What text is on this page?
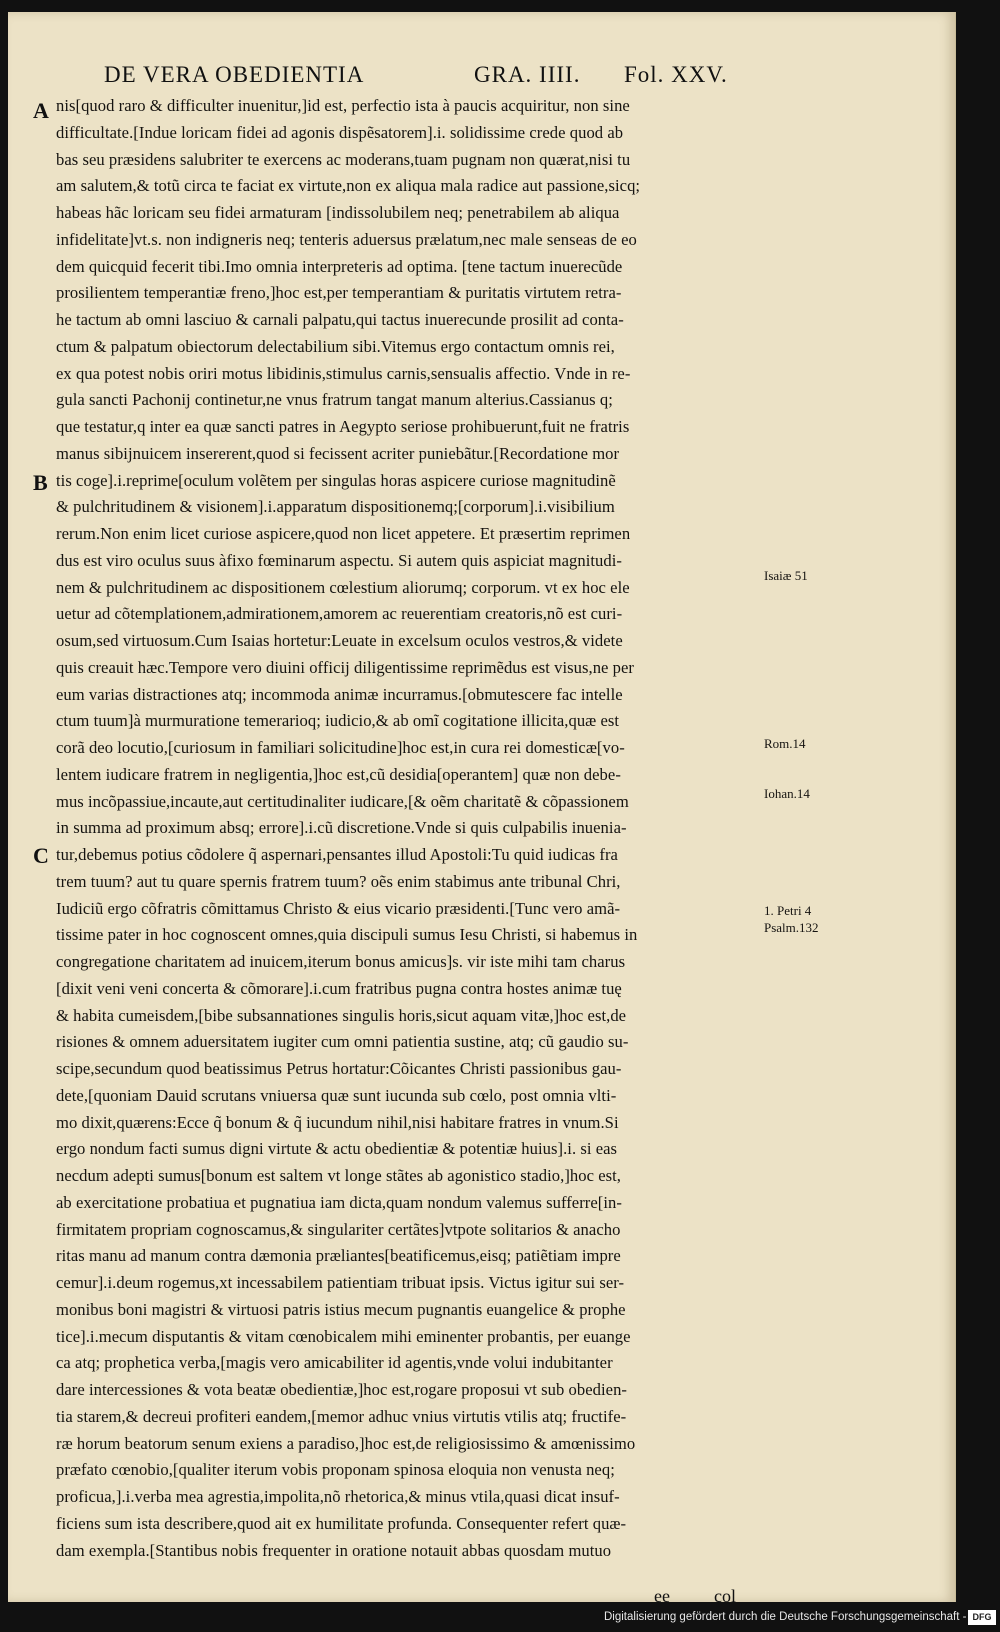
DE VERA OBEDIENTIA	GRA. IIII. Fol. XXV.
A
B
C
nis[quod raro & difficulter inuenitur,]id est, perfectio ista à paucis acquiritur, non sine
difficultate.[Indue loricam fidei ad agonis dispẽsatorem].i. solidissime crede quod ab
bas seu præsidens salubriter te exercens ac moderans,tuam pugnam non quærat,nisi tu
am salutem,& totũ circa te faciat ex virtute,non ex aliqua mala radice aut passione,sicq;
habeas hãc loricam seu fidei armaturam [indissolubilem neq; penetrabilem ab aliqua
infidelitate]vt.s. non indigneris neq; tenteris aduersus prælatum,nec male senseas de eo
dem quicquid fecerit tibi.Imo omnia interpreteris ad optima. [tene tactum inuerecũde
prosilientem temperantiæ freno,]hoc est,per temperantiam & puritatis virtutem retra-
he tactum ab omni lasciuo & carnali palpatu,qui tactus inuerecunde prosilit ad conta-
ctum & palpatum obiectorum delectabilium sibi.Vitemus ergo contactum omnis rei,
ex qua potest nobis oriri motus libidinis,stimulus carnis,sensualis affectio. Vnde in re-
gula sancti Pachonij continetur,ne vnus fratrum tangat manum alterius.Cassianus q;
que testatur,q inter ea quæ sancti patres in Aegypto seriose prohibuerunt,fuit ne fratris
manus sibijnuicem insererent,quod si fecissent acriter puniebãtur.[Recordatione mor
tis coge].i.reprime[oculum volẽtem per singulas horas aspicere curiose magnitudinẽ
& pulchritudinem & visionem].i.apparatum dispositionemq;[corporum].i.visibilium
rerum.Non enim licet curiose aspicere,quod non licet appetere. Et præsertim reprimen
dus est viro oculus suus àfixo fœminarum aspectu. Si autem quis aspiciat magnitudi-
nem & pulchritudinem ac dispositionem cœlestium aliorumq; corporum. vt ex hoc ele
uetur ad cõtemplationem,admirationem,amorem ac reuerentiam creatoris,nõ est curi-
osum,sed virtuosum.Cum Isaias hortetur:Leuate in excelsum oculos vestros,& videte
quis creauit hæc.Tempore vero diuini officij diligentissime reprimẽdus est visus,ne per
eum varias distractiones atq; incommoda animæ incurramus.[obmutescere fac intelle
ctum tuum]à murmuratione temerarioq; iudicio,& ab omĩ cogitatione illicita,quæ est
corã deo locutio,[curiosum in familiari solicitudine]hoc est,in cura rei domesticæ[vo-
lentem iudicare fratrem in negligentia,]hoc est,cũ desidia[operantem] quæ non debe-
mus incõpassiue,incaute,aut certitudinaliter iudicare,[& oẽm charitatẽ & cõpassionem
in summa ad proximum absq; errore].i.cũ discretione.Vnde si quis culpabilis inuenia-
tur,debemus potius cõdolere q̃ aspernari,pensantes illud Apostoli:Tu quid iudicas fra
trem tuum? aut tu quare spernis fratrem tuum? oẽs enim stabimus ante tribunal Chri,
Iudiciũ ergo cõfratris cõmittamus Christo & eius vicario præsidenti.[Tunc vero amã-
tissime pater in hoc cognoscent omnes,quia discipuli sumus Iesu Christi, si habemus in
congregatione charitatem ad inuicem,iterum bonus amicus]s. vir iste mihi tam charus
[dixit veni veni concerta & cõmorare].i.cum fratribus pugna contra hostes animæ tuę
& habita cumeisdem,[bibe subsannationes singulis horis,sicut aquam vitæ,]hoc est,de
risiones & omnem aduersitatem iugiter cum omni patientia sustine, atq; cũ gaudio su-
scipe,secundum quod beatissimus Petrus hortatur:Cõicantes Christi passionibus gau-
dete,[quoniam Dauid scrutans vniuersa quæ sunt iucunda sub cœlo, post omnia vlti-
mo dixit,quærens:Ecce q̃ bonum & q̃ iucundum nihil,nisi habitare fratres in vnum.Si
ergo nondum facti sumus digni virtute & actu obedientiæ & potentiæ huius].i. si eas
necdum adepti sumus[bonum est saltem vt longe stãtes ab agonistico stadio,]hoc est,
ab exercitatione probatiua et pugnatiua iam dicta,quam nondum valemus sufferre[in-
firmitatem propriam cognoscamus,& singulariter certãtes]vtpote solitarios & anacho
ritas manu ad manum contra dæmonia præliantes[beatificemus,eisq; patiẽtiam impre
cemur].i.deum rogemus,xt incessabilem patientiam tribuat ipsis. Victus igitur sui ser-
monibus boni magistri & virtuosi patris istius mecum pugnantis euangelice & prophe
tice].i.mecum disputantis & vitam cœnobicalem mihi eminenter probantis, per euange
ca atq; prophetica verba,[magis vero amicabiliter id agentis,vnde volui indubitanter
dare intercessiones & vota beatæ obedientiæ,]hoc est,rogare proposui vt sub obedien-
tia starem,& decreui profiteri eandem,[memor adhuc vnius virtutis vtilis atq; fructife-
ræ horum beatorum senum exiens a paradiso,]hoc est,de religiosissimo & amœnissimo
præfato cœnobio,[qualiter iterum vobis proponam spinosa eloquia non venusta neq;
proficua,].i.verba mea agrestia,impolita,nõ rhetorica,& minus vtila,quasi dicat insuf-
ficiens sum ista describere,quod ait ex humilitate profunda. Consequenter refert quæ-
dam exempla.[Stantibus nobis frequenter in oratione notauit abbas quosdam mutuo
Isaiæ 51
Rom.14
Iohan.14
1. Petri 4
Psalm.132
ee col
Digitalisierung gefördert durch die Deutsche Forschungsgemeinschaft - DFG
